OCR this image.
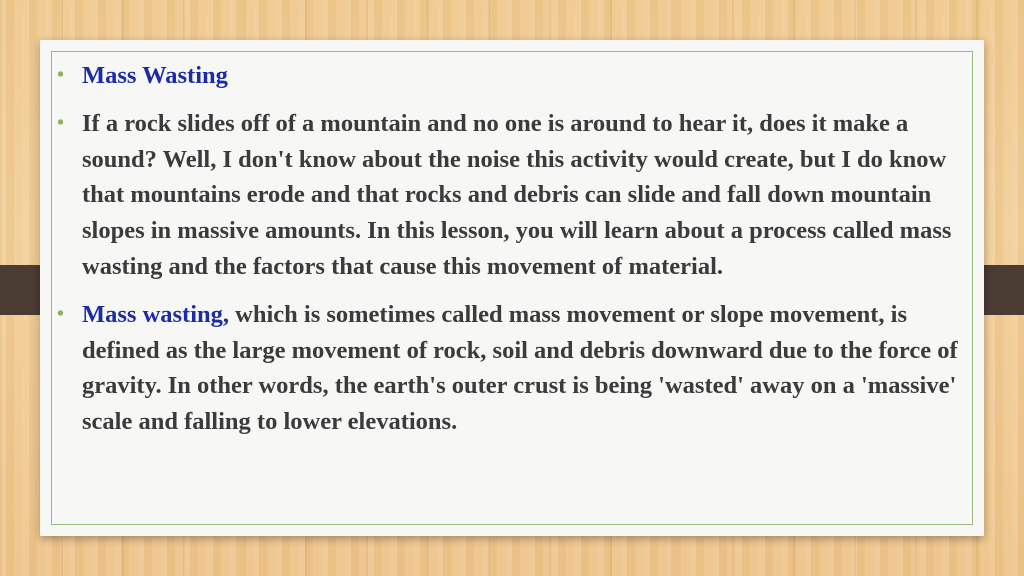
• Mass Wasting
• If a rock slides off of a mountain and no one is around to hear it, does it make a sound? Well, I don't know about the noise this activity would create, but I do know that mountains erode and that rocks and debris can slide and fall down mountain slopes in massive amounts. In this lesson, you will learn about a process called mass wasting and the factors that cause this movement of material.
• Mass wasting, which is sometimes called mass movement or slope movement, is defined as the large movement of rock, soil and debris downward due to the force of gravity. In other words, the earth's outer crust is being 'wasted' away on a 'massive' scale and falling to lower elevations.
